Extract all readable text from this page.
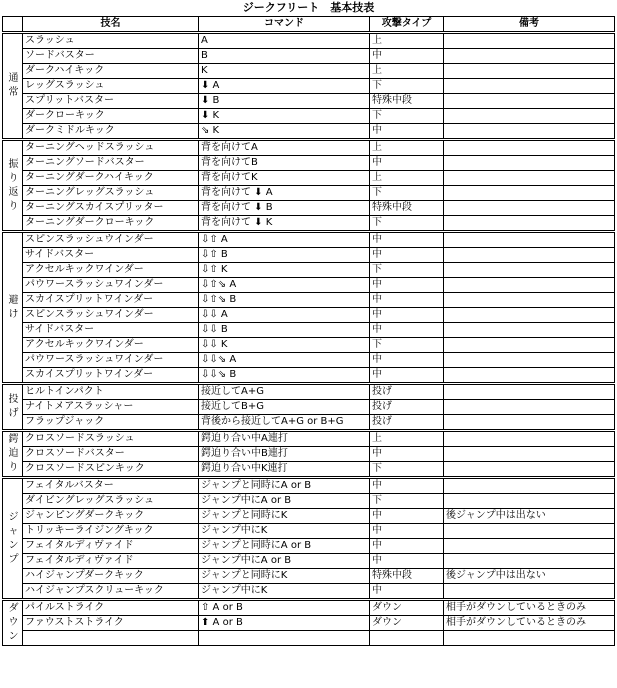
ジークフリート　基本技表
	技名	コマンド	攻撃タイプ	備考

通
常	スラッシュ	A	上	
	ソードバスター	B	中	
	ダークハイキック	K	上	
	レッグスラッシュ	⬇ A	下	
	スプリットバスター	⬇ B	特殊中段	
	ダークローキック	⬇ K	下	
	ダークミドルキック	⇘ K	中	

振
り
返
り	ターニングヘッドスラッシュ	背を向けてA	上	
	ターニングソードバスター	背を向けてB	中	
	ターニングダークハイキック	背を向けてK	上	
	ターニングレッグスラッシュ	背を向けて ⬇ A	下	
	ターニングスカイスプリッター	背を向けて ⬇ B	特殊中段	
	ターニングダークローキック	背を向けて ⬇ K	下	

避
け	スピンスラッシュウインダー	⇩⇧ A	中	
	サイドバスター	⇩⇧ B	中	
	アクセルキックワインダー	⇩⇧ K	下	
	パウワースラッシュワインダー	⇩⇧⇘ A	中	
	スカイスプリットワインダー	⇩⇧⇘ B	中	
	スピンスラッシュワインダー	⇩⇩ A	中	
	サイドバスター	⇩⇩ B	中	
	アクセルキックワインダー	⇩⇩ K	下	
	パウワースラッシュワインダー	⇩⇩⇘ A	中	
	スカイスプリットワインダー	⇩⇩⇘ B	中	

投
げ	ヒルトインパクト	接近してA+G	投げ	
	ナイトメアスラッシャー	接近してB+G	投げ	
	フラップジャック	背後から接近してA+G or B+G	投げ	

鍔
迫
り	クロスソードスラッシュ	鍔迫り合い中A連打	上	
	クロスソードバスター	鍔迫り合い中B連打	中	
	クロスソードスピンキック	鍔迫り合い中K連打	下	

ジ
ャ
ン
プ	フェイタルバスター	ジャンプと同時にA or B	中	
	ダイビングレッグスラッシュ	ジャンプ中にA or B	下	
	ジャンピングダークキック	ジャンプと同時にK	中	後ジャンプ中は出ない
	トリッキーライジングキック	ジャンプ中にK	中	
	フェイタルディヴァイド	ジャンプと同時にA or B	中	
	フェイタルディヴァイド	ジャンプ中にA or B	中	
	ハイジャンプダークキック	ジャンプと同時にK	特殊中段	後ジャンプ中は出ない
	ハイジャンプスクリューキック	ジャンプ中にK	中	

ダ
ウ
ン	パイルストライク	⇧ A or B	ダウン	相手がダウンしているときのみ
	ファウストストライク	⬆ A or B	ダウン	相手がダウンしているときのみ
